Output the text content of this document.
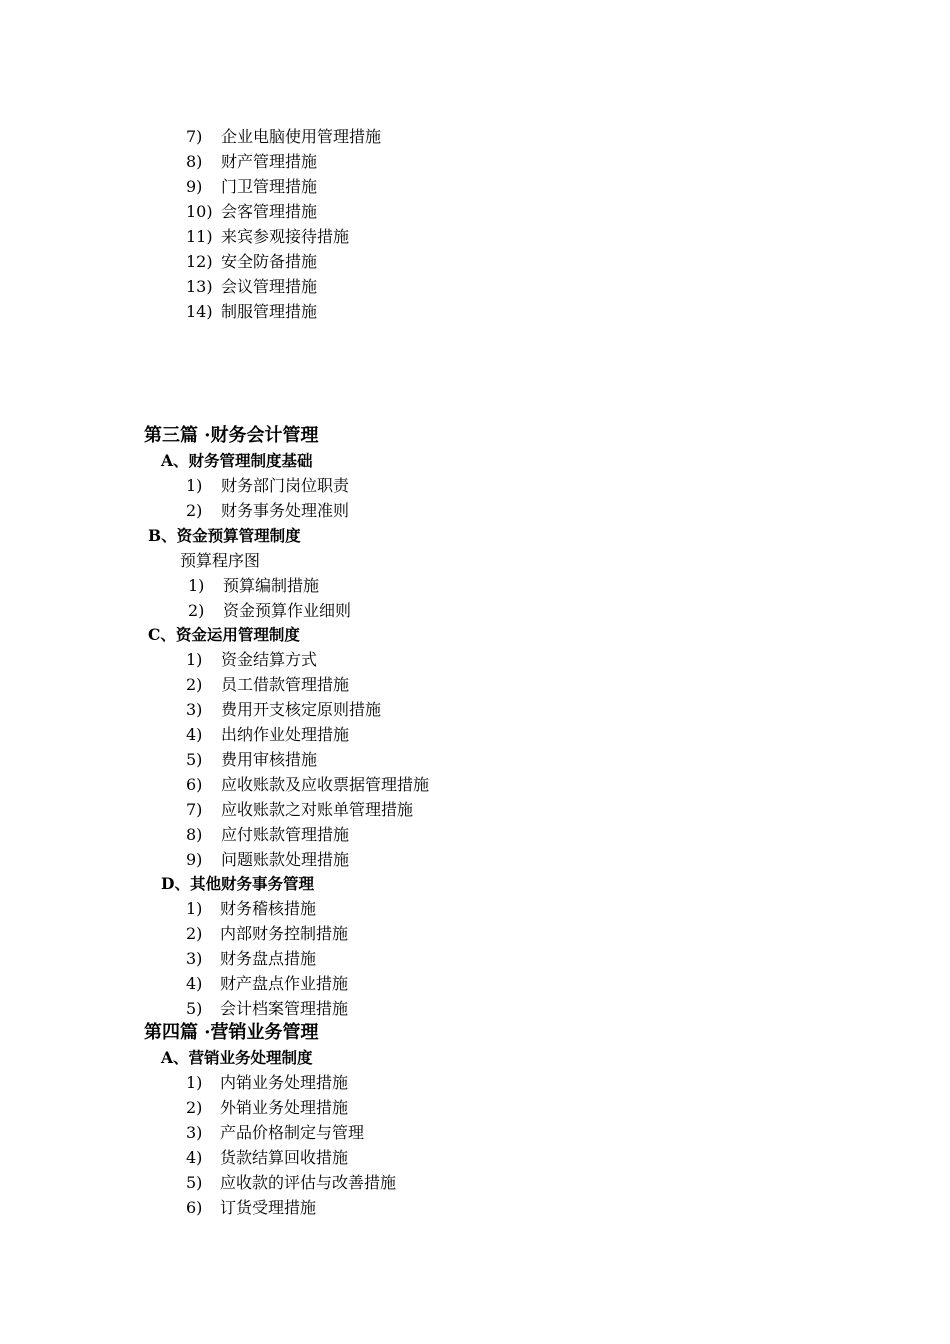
7) 企业电脑使用管理措施
8) 财产管理措施
9) 门卫管理措施
10) 会客管理措施
11) 来宾参观接待措施
12) 安全防备措施
13) 会议管理措施
14) 制服管理措施
第三篇 ·财务会计管理
A、财务管理制度基础
1) 财务部门岗位职责
2) 财务事务处理准则
B、资金预算管理制度
预算程序图
1) 预算编制措施
2) 资金预算作业细则
C、资金运用管理制度
1) 资金结算方式
2) 员工借款管理措施
3) 费用开支核定原则措施
4) 出纳作业处理措施
5) 费用审核措施
6) 应收账款及应收票据管理措施
7) 应收账款之对账单管理措施
8) 应付账款管理措施
9) 问题账款处理措施
D、其他财务事务管理
1) 财务稽核措施
2) 内部财务控制措施
3) 财务盘点措施
4) 财产盘点作业措施
5) 会计档案管理措施
第四篇 ·营销业务管理
A、营销业务处理制度
1) 内销业务处理措施
2) 外销业务处理措施
3) 产品价格制定与管理
4) 货款结算回收措施
5) 应收款的评估与改善措施
6) 订货受理措施
